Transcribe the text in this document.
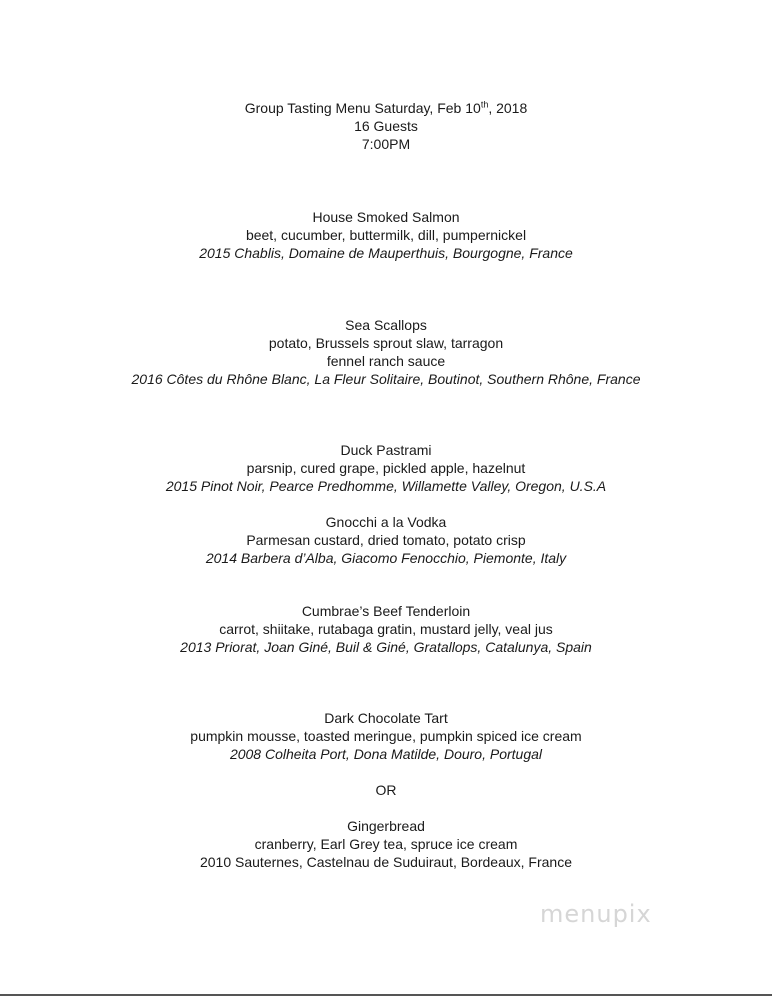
Group Tasting Menu Saturday, Feb 10th, 2018
16 Guests
7:00PM
House Smoked Salmon
beet, cucumber, buttermilk, dill, pumpernickel
2015 Chablis, Domaine de Mauperthuis, Bourgogne, France
Sea Scallops
potato, Brussels sprout slaw, tarragon
fennel ranch sauce
2016 Côtes du Rhône Blanc, La Fleur Solitaire, Boutinot, Southern Rhône, France
Duck Pastrami
parsnip, cured grape, pickled apple, hazelnut
2015 Pinot Noir, Pearce Predhomme, Willamette Valley, Oregon, U.S.A
Gnocchi a la Vodka
Parmesan custard, dried tomato, potato crisp
2014 Barbera d’Alba, Giacomo Fenocchio, Piemonte, Italy
Cumbrae’s Beef Tenderloin
carrot, shiitake, rutabaga gratin, mustard jelly, veal jus
2013 Priorat, Joan Giné, Buil & Giné, Gratallops, Catalunya, Spain
Dark Chocolate Tart
pumpkin mousse, toasted meringue, pumpkin spiced ice cream
2008 Colheita Port, Dona Matilde, Douro, Portugal
OR
Gingerbread
cranberry, Earl Grey tea, spruce ice cream
2010 Sauternes, Castelnau de Suduiraut, Bordeaux, France
menupix
